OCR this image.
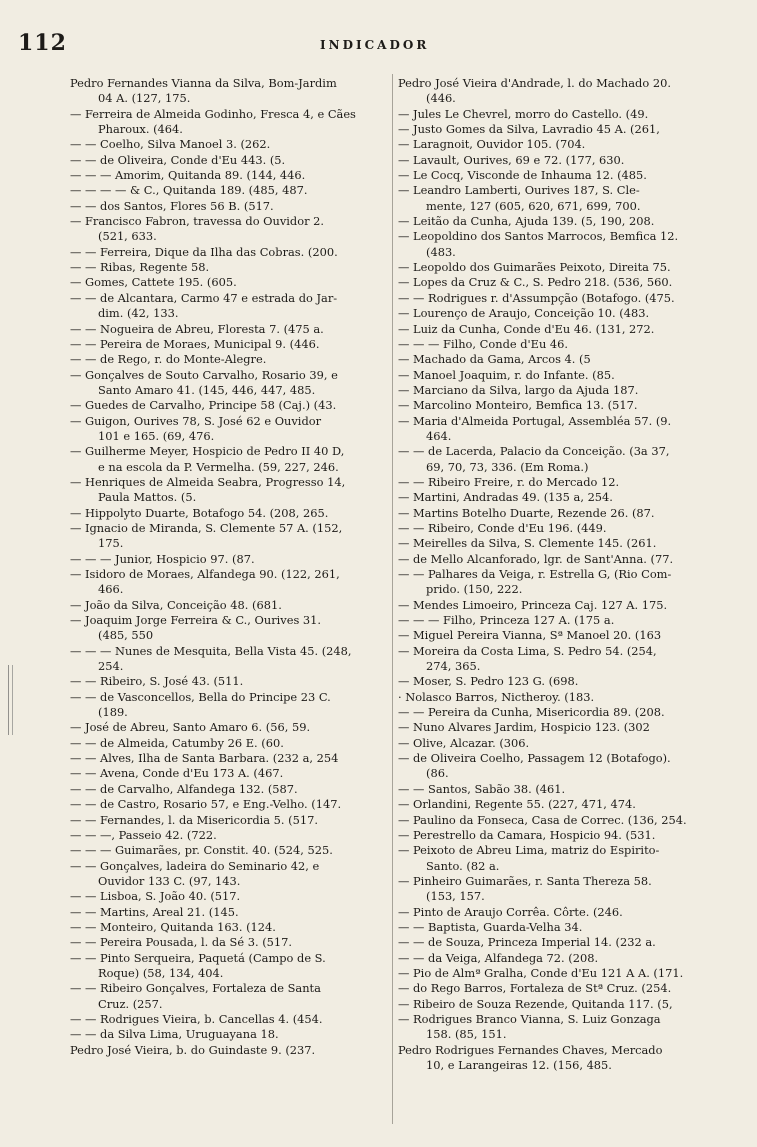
112	INDICADOR
Pedro Fernandes Vianna da Silva, Bom-Jardim
04 A. (127, 175.
— Ferreira de Almeida Godinho, Fresca 4, e Cães
Pharoux. (464.
— — Coelho, Silva Manoel 3. (262.
— — de Oliveira, Conde d'Eu 443. (5.
— — — Amorim, Quitanda 89. (144, 446.
— — — — & C., Quitanda 189. (485, 487.
— — dos Santos, Flores 56 B. (517.
— Francisco Fabron, travessa do Ouvidor 2.
(521, 633.
— — Ferreira, Dique da Ilha das Cobras. (200.
— — Ribas, Regente 58.
— Gomes, Cattete 195. (605.
— — de Alcantara, Carmo 47 e estrada do Jar-
dim. (42, 133.
— — Nogueira de Abreu, Floresta 7. (475 a.
— — Pereira de Moraes, Municipal 9. (446.
— — de Rego, r. do Monte-Alegre.
— Gonçalves de Souto Carvalho, Rosario 39, e
Santo Amaro 41. (145, 446, 447, 485.
— Guedes de Carvalho, Principe 58 (Caj.) (43.
— Guigon, Ourives 78, S. José 62 e Ouvidor
101 e 165. (69, 476.
— Guilherme Meyer, Hospicio de Pedro II 40 D,
e na escola da P. Vermelha. (59, 227, 246.
— Henriques de Almeida Seabra, Progresso 14,
Paula Mattos. (5.
— Hippolyto Duarte, Botafogo 54. (208, 265.
— Ignacio de Miranda, S. Clemente 57 A. (152,
175.
— — — Junior, Hospicio 97. (87.
— Isidoro de Moraes, Alfandega 90. (122, 261,
466.
— João da Silva, Conceição 48. (681.
— Joaquim Jorge Ferreira & C., Ourives 31.
(485, 550
— — — Nunes de Mesquita, Bella Vista 45. (248,
254.
— — Ribeiro, S. José 43. (511.
— — de Vasconcellos, Bella do Principe 23 C.
(189.
— José de Abreu, Santo Amaro 6. (56, 59.
— — de Almeida, Catumby 26 E. (60.
— — Alves, Ilha de Santa Barbara. (232 a, 254
— — Avena, Conde d'Eu 173 A. (467.
— — de Carvalho, Alfandega 132. (587.
— — de Castro, Rosario 57, e Eng.-Velho. (147.
— — Fernandes, l. da Misericordia 5. (517.
— — —, Passeio 42. (722.
— — — Guimarães, pr. Constit. 40. (524, 525.
— — Gonçalves, ladeira do Seminario 42, e
Ouvidor 133 C. (97, 143.
— — Lisboa, S. João 40. (517.
— — Martins, Areal 21. (145.
— — Monteiro, Quitanda 163. (124.
— — Pereira Pousada, l. da Sé 3. (517.
— — Pinto Serqueira, Paquetá (Campo de S.
Roque) (58, 134, 404.
— — Ribeiro Gonçalves, Fortaleza de Santa
Cruz. (257.
— — Rodrigues Vieira, b. Cancellas 4. (454.
— — da Silva Lima, Uruguayana 18.
Pedro José Vieira, b. do Guindaste 9. (237.
Pedro José Vieira d'Andrade, l. do Machado 20.
(446.
— Jules Le Chevrel, morro do Castello. (49.
— Justo Gomes da Silva, Lavradio 45 A. (261,
— Laragnoit, Ouvidor 105. (704.
— Lavault, Ourives, 69 e 72. (177, 630.
— Le Cocq, Visconde de Inhauma 12. (485.
— Leandro Lamberti, Ourives 187, S. Cle-
mente, 127 (605, 620, 671, 699, 700.
— Leitão da Cunha, Ajuda 139. (5, 190, 208.
— Leopoldino dos Santos Marrocos, Bemfica 12.
(483.
— Leopoldo dos Guimarães Peixoto, Direita 75.
— Lopes da Cruz & C., S. Pedro 218. (536, 560.
— — Rodrigues r. d'Assumpção (Botafogo. (475.
— Lourenço de Araujo, Conceição 10. (483.
— Luiz da Cunha, Conde d'Eu 46. (131, 272.
— — — Filho, Conde d'Eu 46.
— Machado da Gama, Arcos 4. (5
— Manoel Joaquim, r. do Infante. (85.
— Marciano da Silva, largo da Ajuda 187.
— Marcolino Monteiro, Bemfica 13. (517.
— Maria d'Almeida Portugal, Assembléa 57. (9.
464.
— — de Lacerda, Palacio da Conceição. (3a 37,
69, 70, 73, 336. (Em Roma.)
— — Ribeiro Freire, r. do Mercado 12.
— Martini, Andradas 49. (135 a, 254.
— Martins Botelho Duarte, Rezende 26. (87.
— — Ribeiro, Conde d'Eu 196. (449.
— Meirelles da Silva, S. Clemente 145. (261.
— de Mello Alcanforado, lgr. de Sant'Anna. (77.
— — Palhares da Veiga, r. Estrella G, (Rio Com-
prido. (150, 222.
— Mendes Limoeiro, Princeza Caj. 127 A. 175.
— — — Filho, Princeza 127 A. (175 a.
— Miguel Pereira Vianna, Sª Manoel 20. (163
— Moreira da Costa Lima, S. Pedro 54. (254,
274, 365.
— Moser, S. Pedro 123 G. (698.
· Nolasco Barros, Nictheroy. (183.
— — Pereira da Cunha, Misericordia 89. (208.
— Nuno Alvares Jardim, Hospicio 123. (302
— Olive, Alcazar. (306.
— de Oliveira Coelho, Passagem 12 (Botafogo).
(86.
— — Santos, Sabão 38. (461.
— Orlandini, Regente 55. (227, 471, 474.
— Paulino da Fonseca, Casa de Correc. (136, 254.
— Perestrello da Camara, Hospicio 94. (531.
— Peixoto de Abreu Lima, matriz do Espirito-
Santo. (82 a.
— Pinheiro Guimarães, r. Santa Thereza 58.
(153, 157.
— Pinto de Araujo Corrêa. Côrte. (246.
— — Baptista, Guarda-Velha 34.
— — de Souza, Princeza Imperial 14. (232 a.
— — da Veiga, Alfandega 72. (208.
— Pio de Almª Gralha, Conde d'Eu 121 A A. (171.
— do Rego Barros, Fortaleza de Stª Cruz. (254.
— Ribeiro de Souza Rezende, Quitanda 117. (5,
— Rodrigues Branco Vianna, S. Luiz Gonzaga
158. (85, 151.
Pedro Rodrigues Fernandes Chaves, Mercado
10, e Larangeiras 12. (156, 485.
